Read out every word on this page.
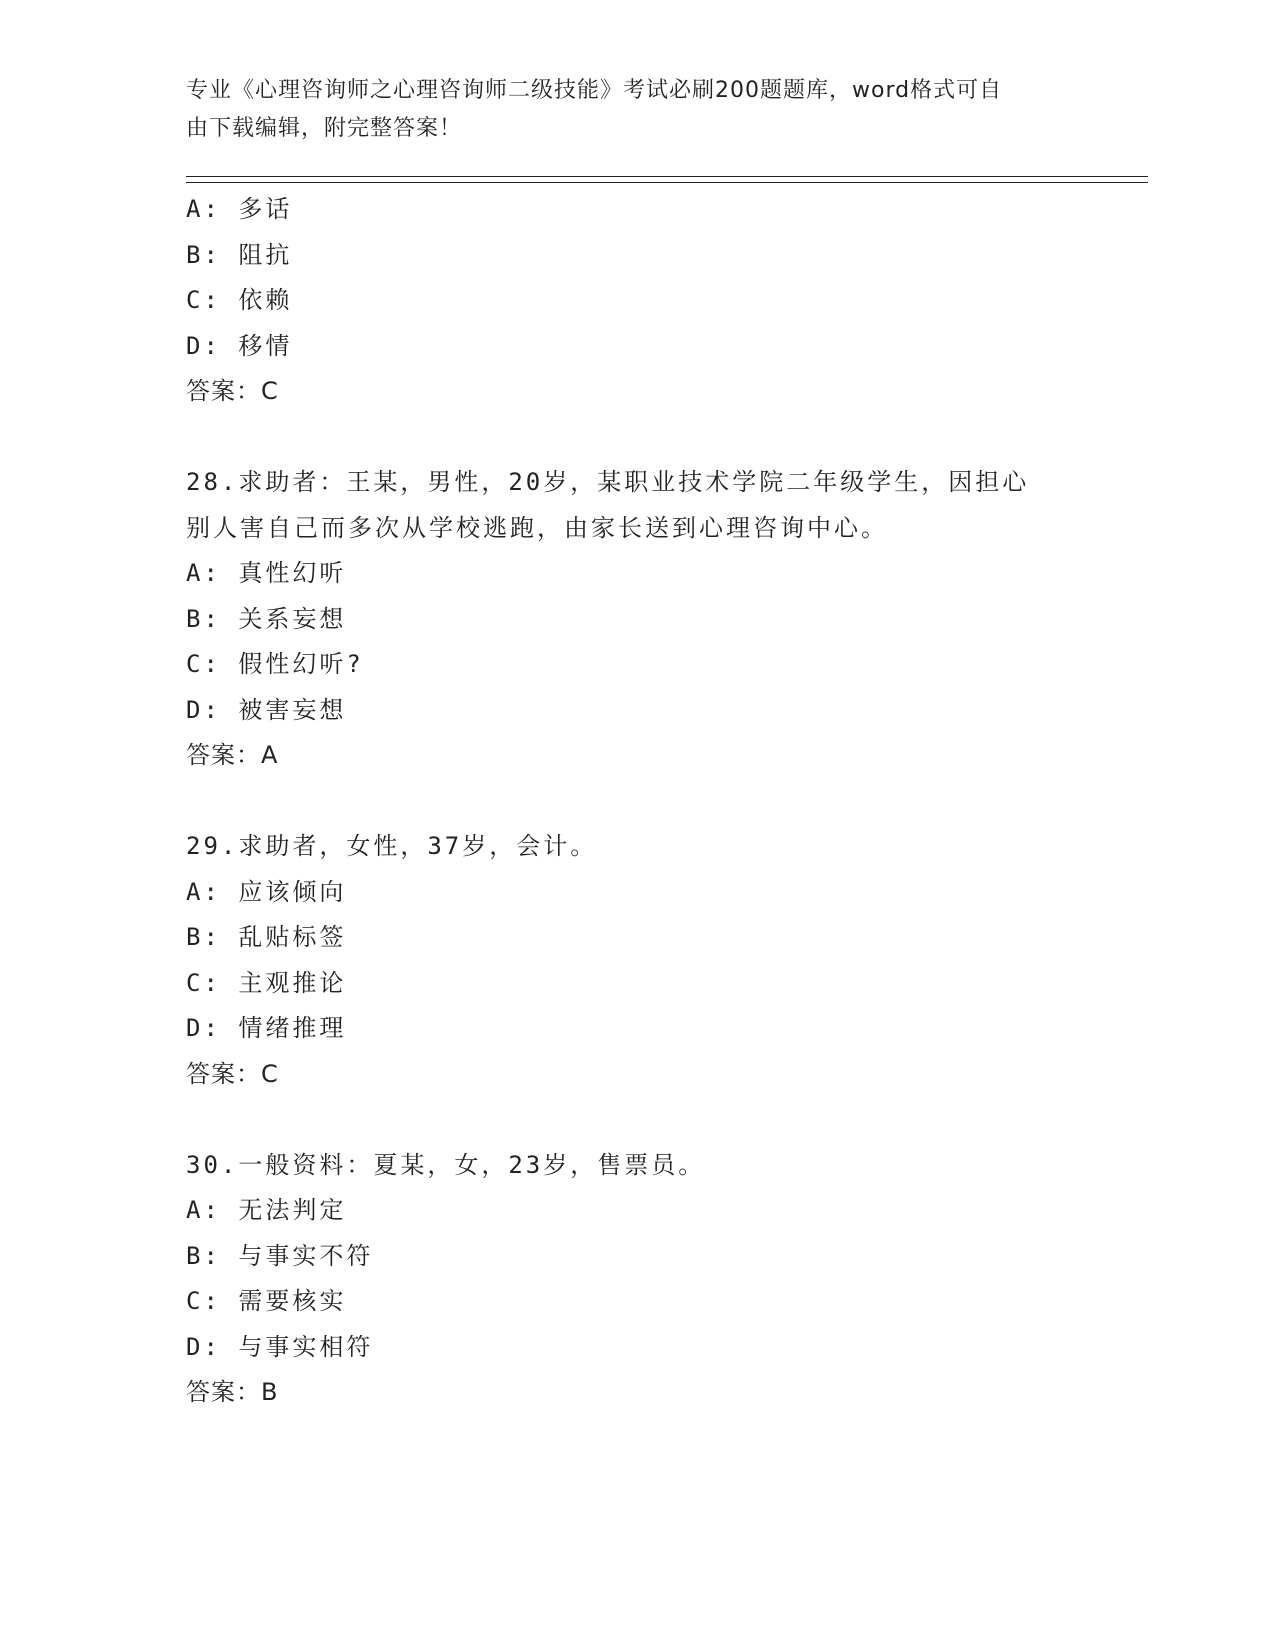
专业《心理咨询师之心理咨询师二级技能》考试必刷200题题库，word格式可自
由下载编辑，附完整答案！
A: 多话
B: 阻抗
C: 依赖
D: 移情
答案：C
28.求助者：王某，男性，20岁，某职业技术学院二年级学生，因担心
别人害自己而多次从学校逃跑，由家长送到心理咨询中心。
A: 真性幻听
B: 关系妄想
C: 假性幻听?
D: 被害妄想
答案：A
29.求助者，女性，37岁，会计。
A: 应该倾向
B: 乱贴标签
C: 主观推论
D: 情绪推理
答案：C
30.一般资料：夏某，女，23岁，售票员。
A: 无法判定
B: 与事实不符
C: 需要核实
D: 与事实相符
答案：B
